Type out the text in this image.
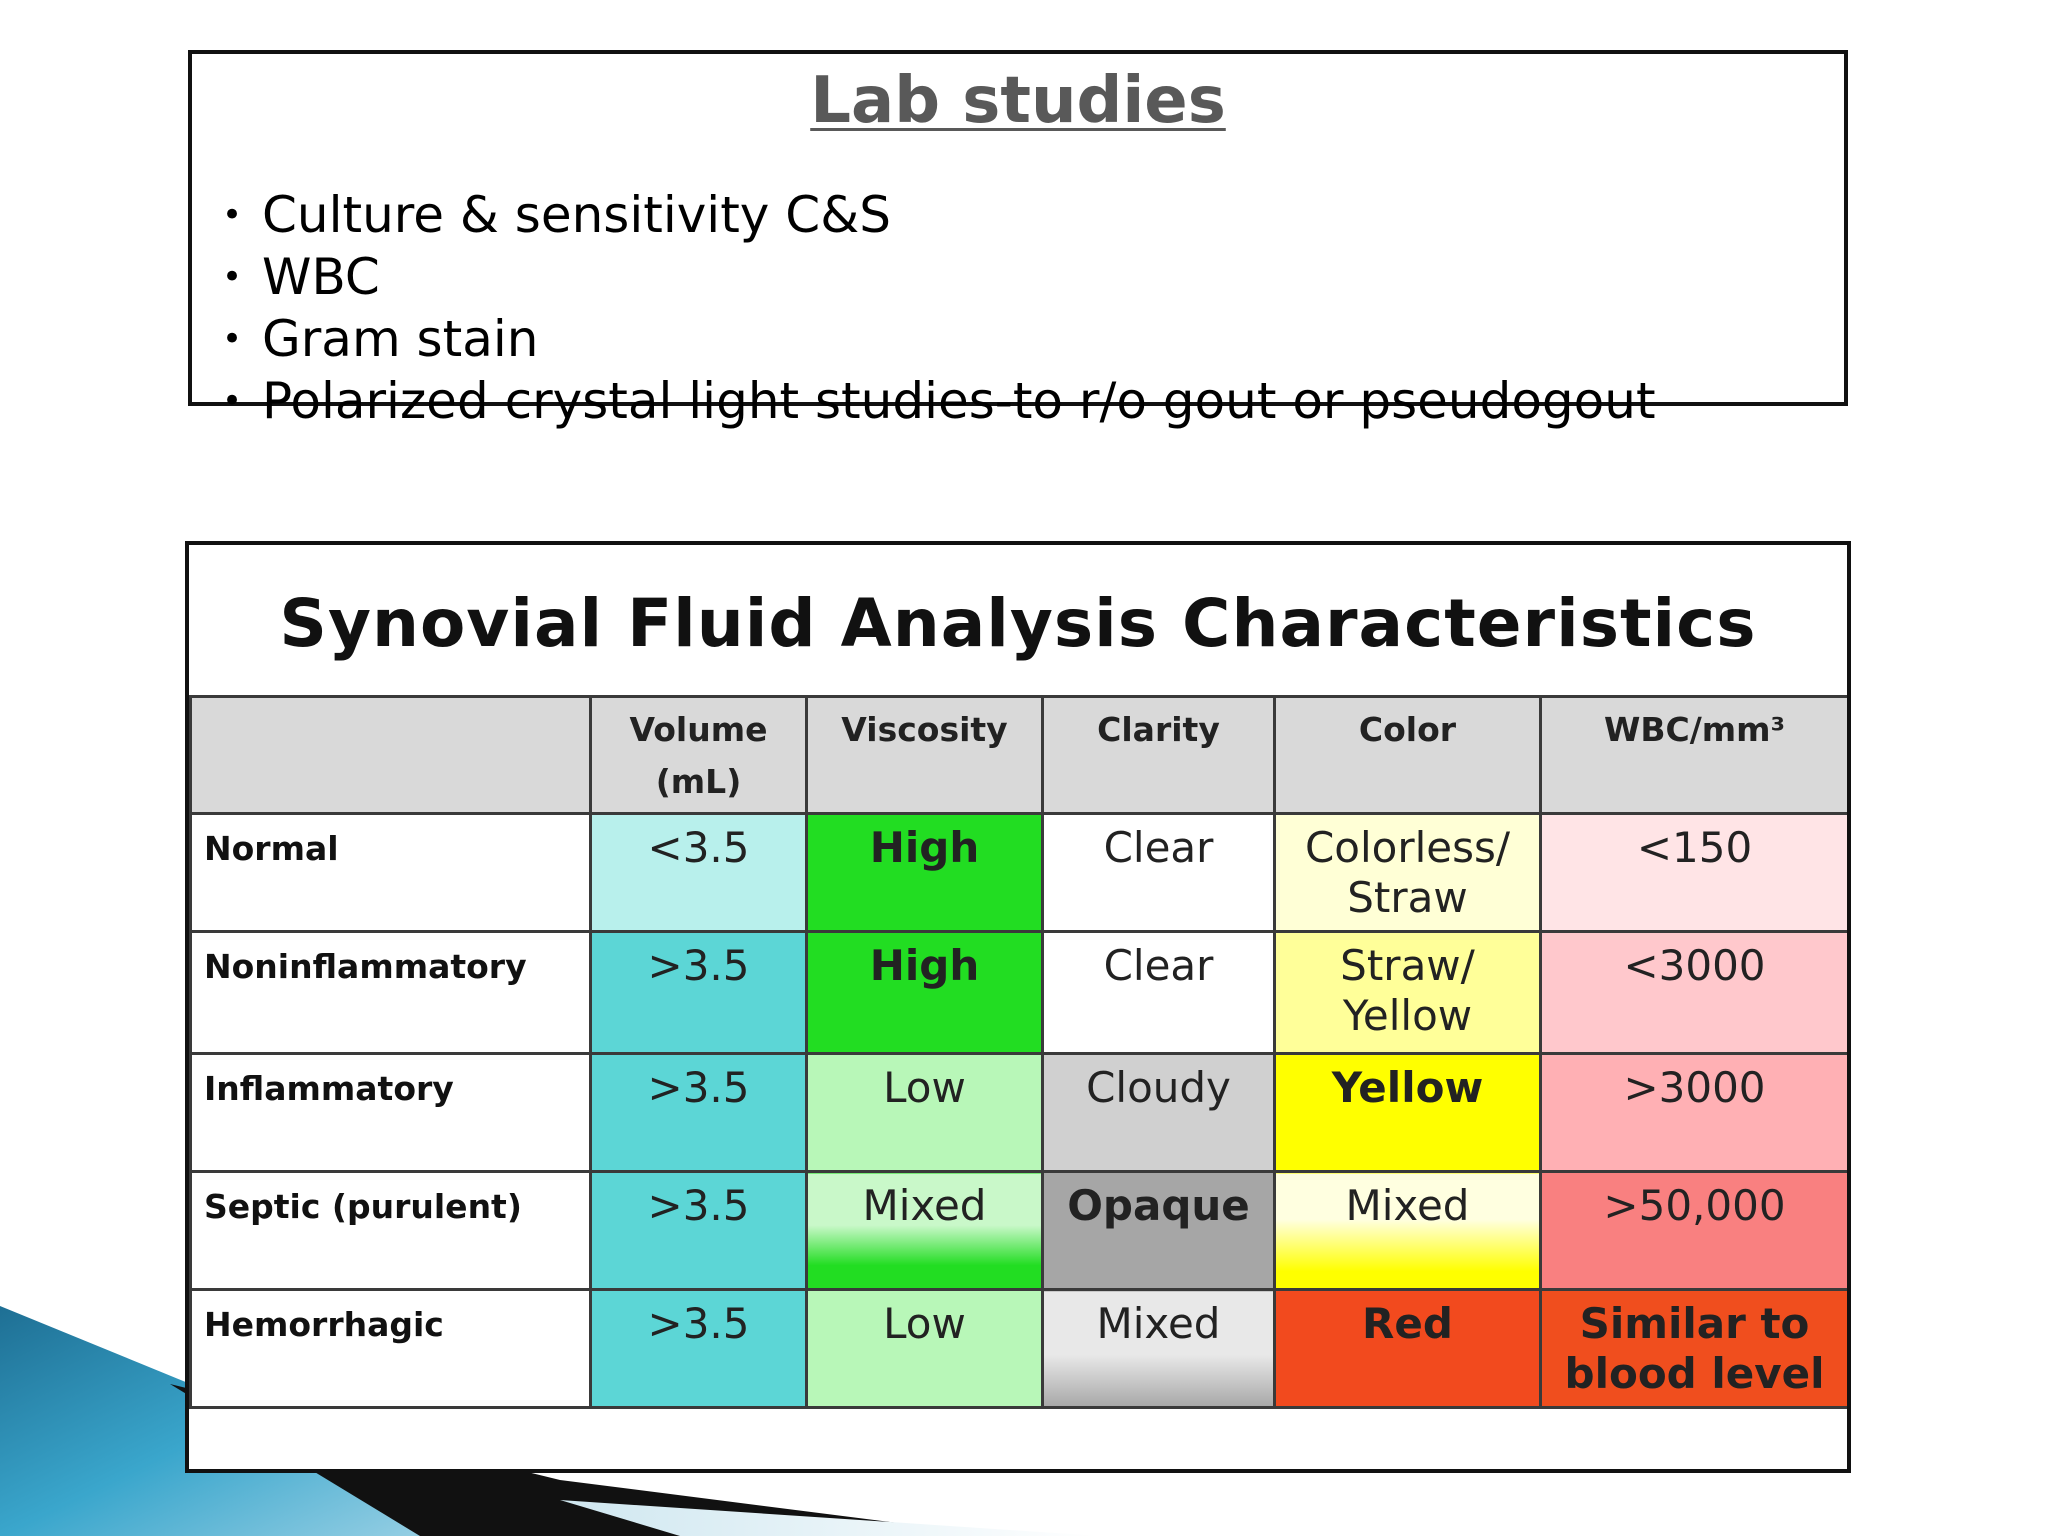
Lab studies
• Culture & sensitivity C&S
• WBC
• Gram stain
• Polarized crystal light studies-to r/o gout or pseudogout
Synovial Fluid Analysis Characteristics
	Volume (mL)	Viscosity	Clarity	Color	WBC/mm³
Normal	<3.5	High	Clear	Colorless/ Straw	<150
Noninflammatory	>3.5	High	Clear	Straw/ Yellow	<3000
Inflammatory	>3.5	Low	Cloudy	Yellow	>3000
Septic (purulent)	>3.5	Mixed	Opaque	Mixed	>50,000
Hemorrhagic	>3.5	Low	Mixed	Red	Similar to blood level
